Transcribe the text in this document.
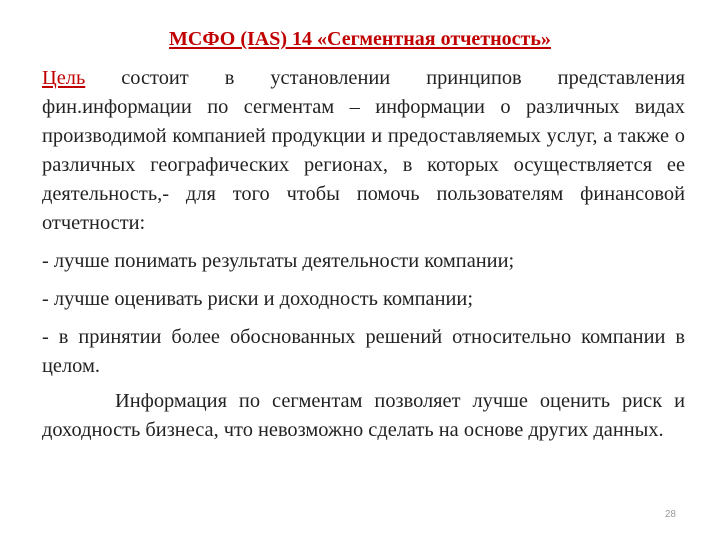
МСФО (IAS) 14 «Сегментная отчетность»

Цель состоит в установлении принципов представления фин.информации по сегментам – информации о различных видах производимой компанией продукции и предоставляемых услуг, а также о различных географических регионах, в которых осуществляется ее деятельность,- для того чтобы помочь пользователям финансовой отчетности:

- лучше понимать результаты деятельности компании;

- лучше оценивать риски и доходность компании;

- в принятии более обоснованных решений относительно компании в целом.

Информация по сегментам позволяет лучше оценить риск и доходность бизнеса, что невозможно сделать на основе других данных.

28
